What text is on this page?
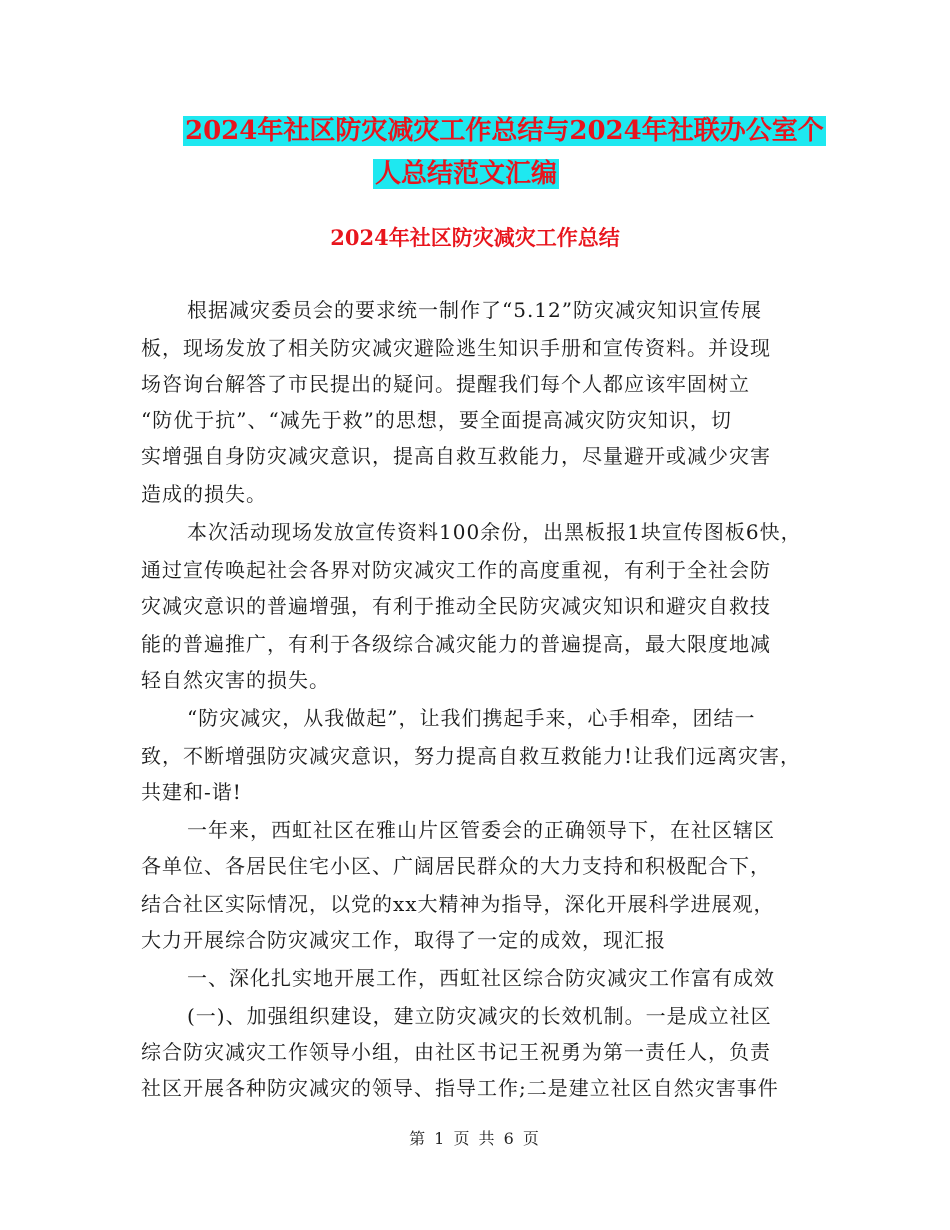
2024年社区防灾减灾工作总结与2024年社联办公室个
人总结范文汇编
2024年社区防灾减灾工作总结
根据减灾委员会的要求统一制作了“5.12”防灾减灾知识宣传展
板，现场发放了相关防灾减灾避险逃生知识手册和宣传资料。并设现
场咨询台解答了市民提出的疑问。提醒我们每个人都应该牢固树立
“防优于抗”、“减先于救”的思想，要全面提高减灾防灾知识，切
实增强自身防灾减灾意识，提高自救互救能力，尽量避开或减少灾害
造成的损失。
本次活动现场发放宣传资料100余份，出黑板报1块宣传图板6快，
通过宣传唤起社会各界对防灾减灾工作的高度重视，有利于全社会防
灾减灾意识的普遍增强，有利于推动全民防灾减灾知识和避灾自救技
能的普遍推广，有利于各级综合减灾能力的普遍提高，最大限度地减
轻自然灾害的损失。
“防灾减灾，从我做起”，让我们携起手来，心手相牵，团结一
致，不断增强防灾减灾意识，努力提高自救互救能力!让我们远离灾害，
共建和-谐!
一年来，西虹社区在雅山片区管委会的正确领导下，在社区辖区
各单位、各居民住宅小区、广阔居民群众的大力支持和积极配合下，
结合社区实际情况，以党的xx大精神为指导，深化开展科学进展观，
大力开展综合防灾减灾工作，取得了一定的成效，现汇报
一、深化扎实地开展工作，西虹社区综合防灾减灾工作富有成效
(一)、加强组织建设，建立防灾减灾的长效机制。一是成立社区
综合防灾减灾工作领导小组，由社区书记王祝勇为第一责任人，负责
社区开展各种防灾减灾的领导、指导工作;二是建立社区自然灾害事件
第 1 页 共 6 页
